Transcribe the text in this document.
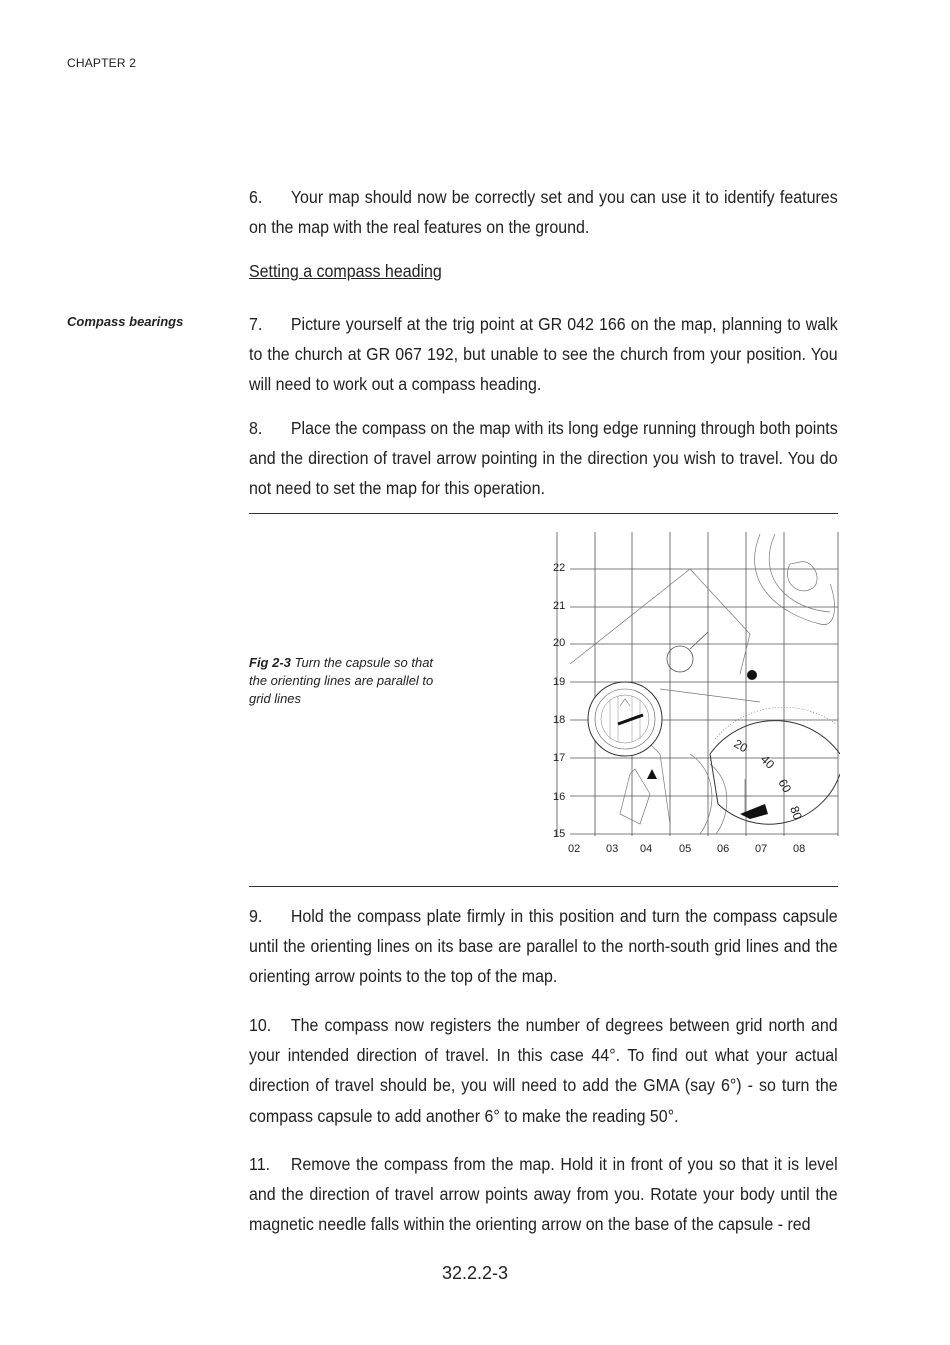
CHAPTER 2

6. Your map should now be correctly set and you can use it to identify features on the map with the real features on the ground.

Setting a compass heading
Compass bearings	7. Picture yourself at the trig point at GR 042 166 on the map, planning to walk to the church at GR 067 192, but unable to see the church from your position. You will need to work out a compass heading.

8. Place the compass on the map with its long edge running through both points and the direction of travel arrow pointing in the direction you wish to travel. You do not need to set the map for this operation.

Fig 2-3 Turn the capsule so that the orienting lines are parallel to grid lines
22
21
20
19
18
17
16
15
02 03 04 05 06 07 08
20
40
60
80

9. Hold the compass plate firmly in this position and turn the compass capsule until the orienting lines on its base are parallel to the north-south grid lines and the orienting arrow points to the top of the map.

10. The compass now registers the number of degrees between grid north and your intended direction of travel. In this case 44°. To find out what your actual direction of travel should be, you will need to add the GMA (say 6°) - so turn the compass capsule to add another 6° to make the reading 50°.

11. Remove the compass from the map. Hold it in front of you so that it is level and the direction of travel arrow points away from you. Rotate your body until the magnetic needle falls within the orienting arrow on the base of the capsule - red

32.2.2-3
